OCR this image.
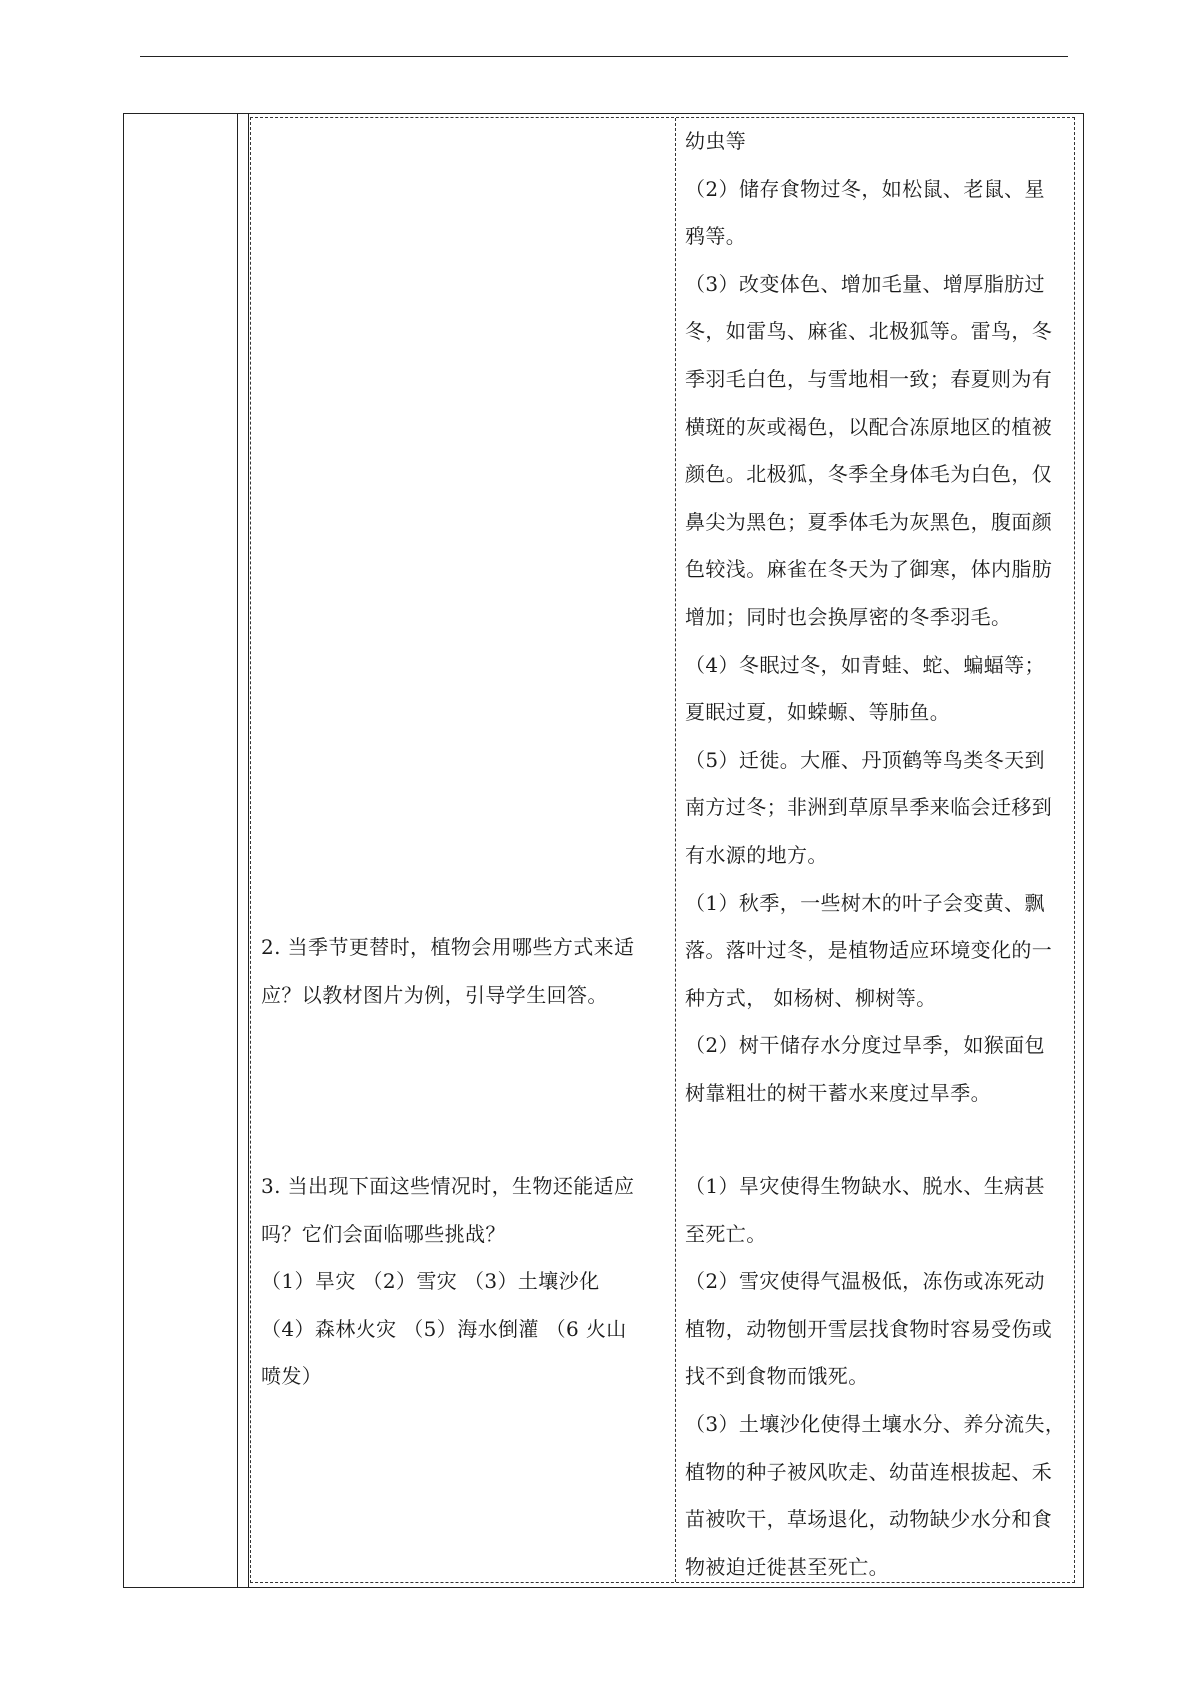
2. 当季节更替时，植物会用哪些方式来适

应？以教材图片为例，引导学生回答。

3. 当出现下面这些情况时，生物还能适应

吗？它们会面临哪些挑战？

（1）旱灾 （2）雪灾 （3）土壤沙化

（4）森林火灾 （5）海水倒灌 （6 火山

喷发）

幼虫等

（2）储存食物过冬，如松鼠、老鼠、星

鸦等。

（3）改变体色、增加毛量、增厚脂肪过

冬，如雷鸟、麻雀、北极狐等。雷鸟，冬

季羽毛白色，与雪地相一致；春夏则为有

横斑的灰或褐色，以配合冻原地区的植被

颜色。北极狐，冬季全身体毛为白色，仅

鼻尖为黑色；夏季体毛为灰黑色，腹面颜

色较浅。麻雀在冬天为了御寒，体内脂肪

增加；同时也会换厚密的冬季羽毛。

（4）冬眠过冬，如青蛙、蛇、蝙蝠等；

夏眠过夏，如蝾螈、等肺鱼。

（5）迁徙。大雁、丹顶鹤等鸟类冬天到

南方过冬；非洲到草原旱季来临会迁移到

有水源的地方。

（1）秋季，一些树木的叶子会变黄、飘

落。落叶过冬，是植物适应环境变化的一

种方式， 如杨树、柳树等。

（2）树干储存水分度过旱季，如猴面包

树靠粗壮的树干蓄水来度过旱季。

（1）旱灾使得生物缺水、脱水、生病甚

至死亡。

（2）雪灾使得气温极低，冻伤或冻死动

植物，动物刨开雪层找食物时容易受伤或

找不到食物而饿死。

（3）土壤沙化使得土壤水分、养分流失，

植物的种子被风吹走、幼苗连根拔起、禾

苗被吹干，草场退化，动物缺少水分和食

物被迫迁徙甚至死亡。
